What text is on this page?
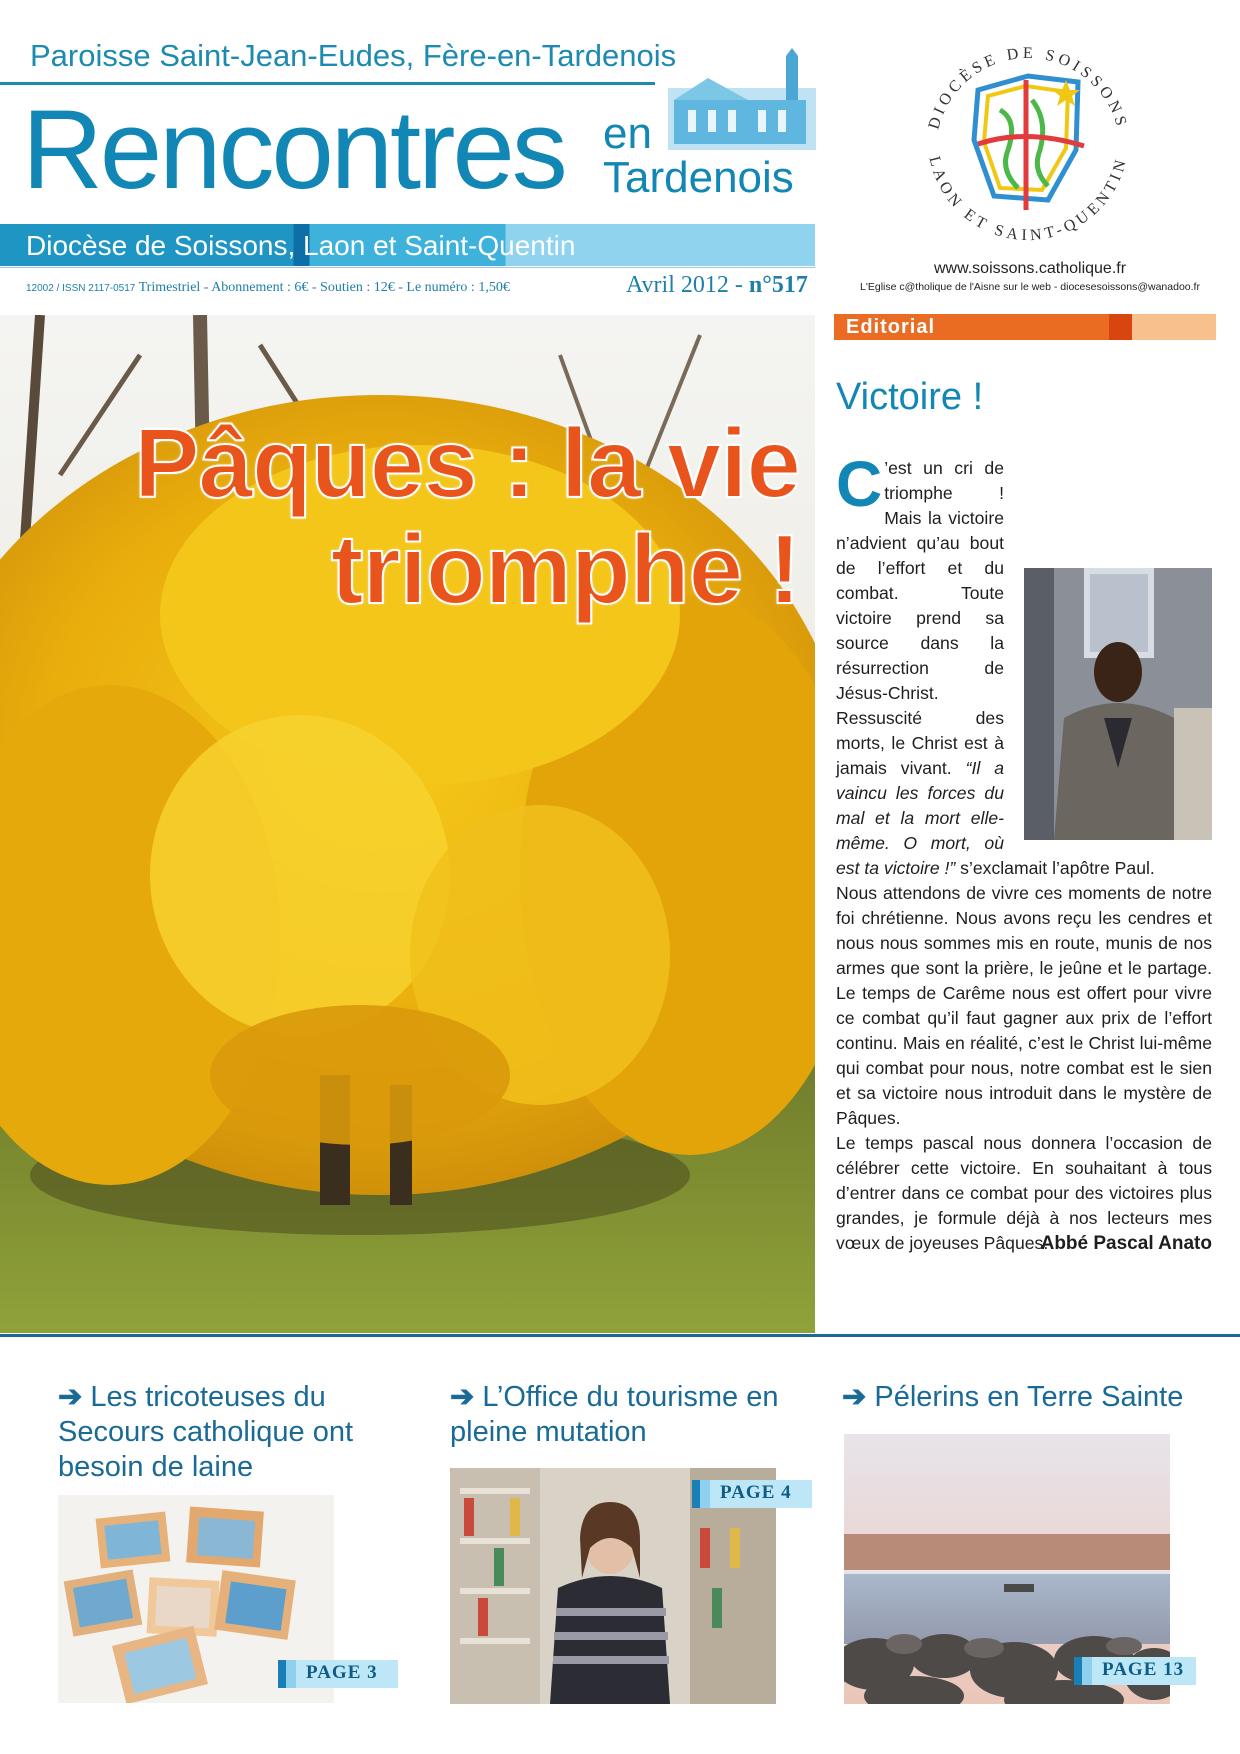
Paroisse Saint-Jean-Eudes, Fère-en-Tardenois
Rencontres en
Tardenois
Diocèse de Soissons, Laon et Saint-Quentin
12002 / ISSN 2117-0517 Trimestriel - Abonnement : 6€ - Soutien : 12€ - Le numéro : 1,50€	Avril 2012 - n°517
DIOCÈSE DE SOISSONS
LAON ET SAINT-QUENTIN
www.soissons.catholique.fr
L'Eglise c@tholique de l'Aisne sur le web - diocesesoissons@wanadoo.fr
Pâques : la vie
triomphe !
Editorial
Victoire !
C ’est un cri de triomphe ! Mais la victoire n’advient qu’au bout de l’effort et du combat. Toute victoire prend sa source dans la résurrection de Jésus-Christ. Ressuscité des morts, le Christ est à jamais vivant. “Il a vaincu les forces du mal et la mort elle-même. O mort, où est ta victoire !” s’exclamait l’apôtre Paul.

Nous attendons de vivre ces moments de notre foi chrétienne. Nous avons reçu les cendres et nous nous sommes mis en route, munis de nos armes que sont la prière, le jeûne et le partage. Le temps de Carême nous est offert pour vivre ce combat qu’il faut gagner aux prix de l’effort continu. Mais en réalité, c’est le Christ lui-même qui combat pour nous, notre combat est le sien et sa victoire nous introduit dans le mystère de Pâques.

Le temps pascal nous donnera l’occasion de célébrer cette victoire. En souhaitant à tous d’entrer dans ce combat pour des victoires plus grandes, je formule déjà à nos lecteurs mes vœux de joyeuses Pâques.

Abbé Pascal Anato
➔ Les tricoteuses du Secours catholique ont besoin de laine
PAGE 3
➔ L’Office du tourisme en pleine mutation
PAGE 4
➔ Pélerins en Terre Sainte
PAGE 13
